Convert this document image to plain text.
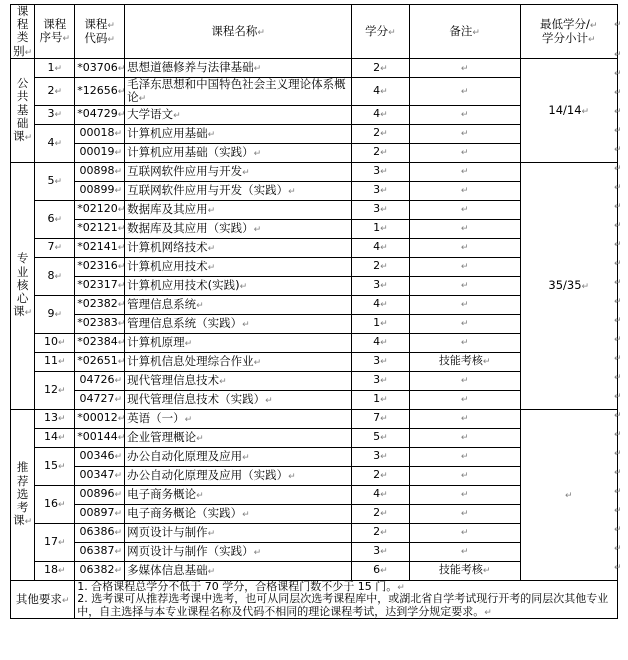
课程
类别↵	课程
序号↵	课程↵
代码↵	课程名称↵	学分↵	备注↵	最低学分/↵
学分小计↵

公
共
基
础
课↵	1↵	*03706↵	思想道德修养与法律基础↵	2↵	↵	14/14↵
	2↵	*12656↵	毛泽东思想和中国特色社会主义理论体系概论↵	4↵	↵	
	3↵	*04729↵	大学语文↵	4↵	↵	
	4↵	00018↵	计算机应用基础↵	2↵	↵	
		00019↵	计算机应用基础（实践）↵	2↵	↵	

专
业
核
心
课↵	5↵	00898↵	互联网软件应用与开发↵	3↵	↵	35/35↵
		00899↵	互联网软件应用与开发（实践）↵	3↵	↵	
	6↵	*02120↵	数据库及其应用↵	3↵	↵	
		*02121↵	数据库及其应用（实践）↵	1↵	↵	
	7↵	*02141↵	计算机网络技术↵	4↵	↵	
	8↵	*02316↵	计算机应用技术↵	2↵	↵	
		*02317↵	计算机应用技术(实践)↵	3↵	↵	
	9↵	*02382↵	管理信息系统↵	4↵	↵	
		*02383↵	管理信息系统（实践）↵	1↵	↵	
	10↵	*02384↵	计算机原理↵	4↵	↵	
	11↵	*02651↵	计算机信息处理综合作业↵	3↵	技能考核↵	
	12↵	04726↵	现代管理信息技术↵	3↵	↵	
		04727↵	现代管理信息技术（实践）↵	1↵	↵	

推
荐
选
考
课↵	13↵	*00012↵	英语（一）↵	7↵	↵	↵
	14↵	*00144↵	企业管理概论↵	5↵	↵	
	15↵	00346↵	办公自动化原理及应用↵	3↵	↵	
		00347↵	办公自动化原理及应用（实践）↵	2↵	↵	
	16↵	00896↵	电子商务概论↵	4↵	↵	
		00897↵	电子商务概论（实践）↵	2↵	↵	
	17↵	06386↵	网页设计与制作↵	2↵	↵	
		06387↵	网页设计与制作（实践）↵	3↵	↵	
	18↵	06382↵	多媒体信息基础↵	6↵	技能考核↵	
其他要求↵		1. 合格课程总学分不低于 70 学分，合格课程门数不少于 15 门。↵

2. 选考课可从推荐选考课中选考，也可从同层次选考课程库中，或湖北省自学考试现行开考的同层次其他专业中，自主选择与本专业课程名称及代码不相同的理论课程考试，达到学分规定要求。↵				

↵
↵
↵
↵
↵
↵
↵
↵
↵
↵
↵
↵
↵
↵
↵
↵
↵
↵
↵
↵
↵
↵
↵
↵
↵
↵
↵
↵
↵
